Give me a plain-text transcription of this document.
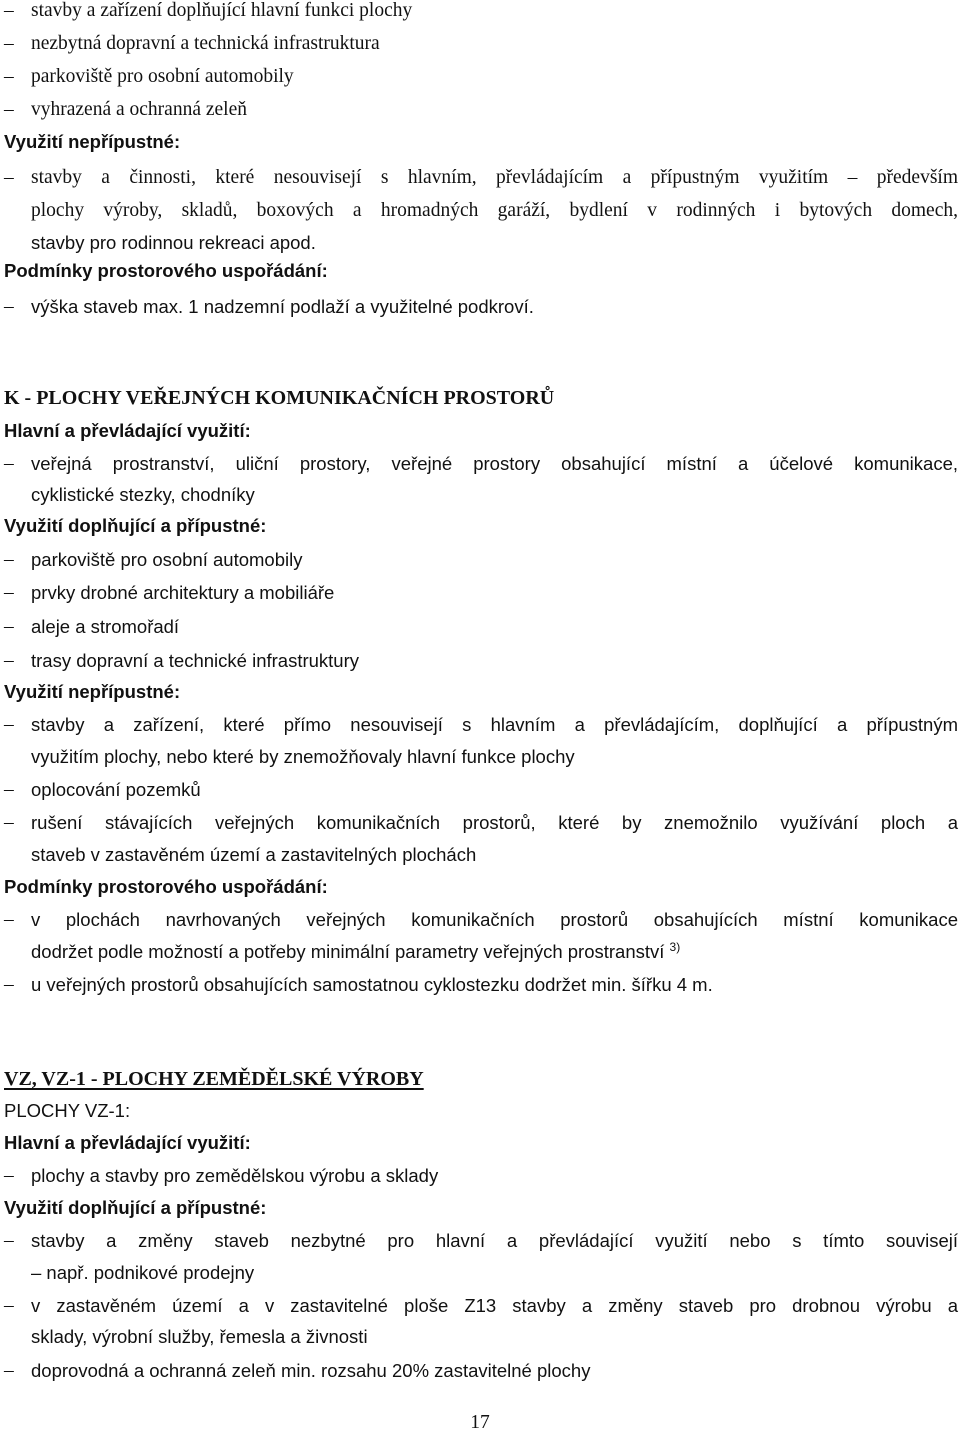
– stavby a zařízení doplňující hlavní funkci plochy
– nezbytná dopravní a technická infrastruktura
– parkoviště pro osobní automobily
– vyhrazená a ochranná zeleň
Využití nepřípustné:
– stavby a činnosti, které nesouvisejí s hlavním, převládajícím a přípustným využitím – především
plochy výroby, skladů, boxových a hromadných garáží, bydlení v rodinných i bytových domech,
stavby pro rodinnou rekreaci apod.
Podmínky prostorového uspořádání:
– výška staveb max. 1 nadzemní podlaží a využitelné podkroví.
K - PLOCHY VEŘEJNÝCH KOMUNIKAČNÍCH PROSTORŮ
Hlavní a převládající využití:
– veřejná prostranství, uliční prostory, veřejné prostory obsahující místní a účelové komunikace,
cyklistické stezky, chodníky
Využití doplňující a přípustné:
– parkoviště pro osobní automobily
– prvky drobné architektury a mobiliáře
– aleje a stromořadí
– trasy dopravní a technické infrastruktury
Využití nepřípustné:
– stavby a zařízení, které přímo nesouvisejí s hlavním a převládajícím, doplňující a přípustným
využitím plochy, nebo které by znemožňovaly hlavní funkce plochy
– oplocování pozemků
– rušení stávajících veřejných komunikačních prostorů, které by znemožnilo využívání ploch a
staveb v zastavěném území a zastavitelných plochách
Podmínky prostorového uspořádání:
– v plochách navrhovaných veřejných komunikačních prostorů obsahujících místní komunikace
dodržet podle možností a potřeby minimální parametry veřejných prostranství $^{3)}$
– u veřejných prostorů obsahujících samostatnou cyklostezku dodržet min. šířku 4 m.
VZ, VZ-1 - PLOCHY ZEMĚDĚLSKÉ VÝROBY
PLOCHY VZ-1:
Hlavní a převládající využití:
– plochy a stavby pro zemědělskou výrobu a sklady
Využití doplňující a přípustné:
– stavby a změny staveb nezbytné pro hlavní a převládající využití nebo s tímto souvisejí
– např. podnikové prodejny
– v zastavěném území a v zastavitelné ploše Z13 stavby a změny staveb pro drobnou výrobu a
sklady, výrobní služby, řemesla a živnosti
– doprovodná a ochranná zeleň min. rozsahu 20% zastavitelné plochy
17
